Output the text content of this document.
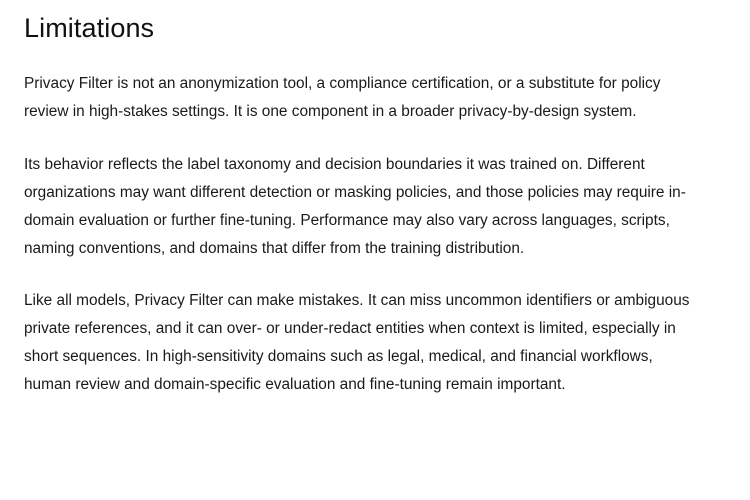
Limitations

Privacy Filter is not an anonymization tool, a compliance certification, or a substitute for policy review in high-stakes settings. It is one component in a broader privacy-by-design system.

Its behavior reflects the label taxonomy and decision boundaries it was trained on. Different organizations may want different detection or masking policies, and those policies may require in-domain evaluation or further fine-tuning. Performance may also vary across languages, scripts, naming conventions, and domains that differ from the training distribution.

Like all models, Privacy Filter can make mistakes. It can miss uncommon identifiers or ambiguous private references, and it can over- or under-redact entities when context is limited, especially in short sequences. In high-sensitivity domains such as legal, medical, and financial workflows, human review and domain-specific evaluation and fine-tuning remain important.
